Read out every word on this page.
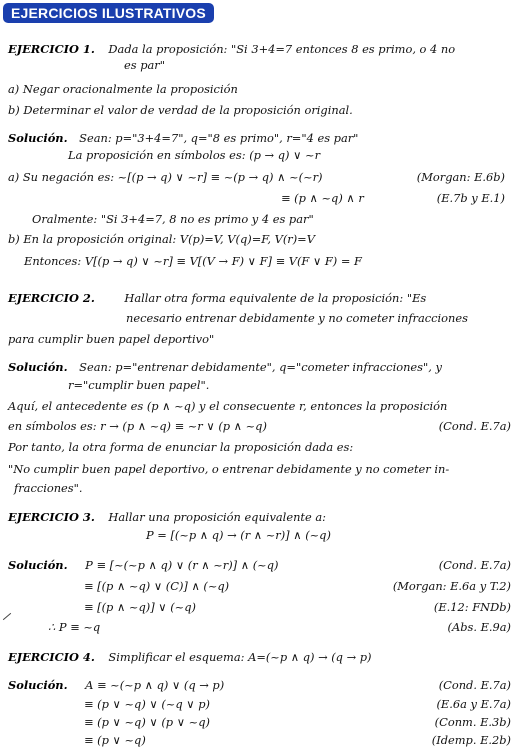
EJERCICIOS ILUSTRATIVOS
EJERCICIO 1. Dada la proposición: "Si 3+4=7 entonces 8 es primo, o 4 no
es par"
a) Negar oracionalmente la proposición
b) Determinar el valor de verdad de la proposición original.
Solución. Sean: p="3+4=7", q="8 es primo", r="4 es par"
La proposición en símbolos es: (p → q) ∨ ~r
a) Su negación es: ~[(p → q) ∨ ~r] ≡ ~(p → q) ∧ ~(~r)	(Morgan: E.6b)
≡ (p ∧ ~q) ∧ r	(E.7b y E.1)
Oralmente: "Si 3+4=7, 8 no es primo y 4 es par"
b) En la proposición original: V(p)=V, V(q)=F, V(r)=V
Entonces: V[(p → q) ∨ ~r] ≡ V[(V → F) ∨ F] ≡ V(F ∨ F) = F
EJERCICIO 2.	Hallar otra forma equivalente de la proposición: "Es
necesario entrenar debidamente y no cometer infracciones
para cumplir buen papel deportivo"
Solución. Sean: p="entrenar debidamente", q="cometer infracciones", y
r="cumplir buen papel".
Aquí, el antecedente es (p ∧ ~q) y el consecuente r, entonces la proposición
en símbolos es: r → (p ∧ ~q) ≡ ~r ∨ (p ∧ ~q)	(Cond. E.7a)
Por tanto, la otra forma de enunciar la proposición dada es:
"No cumplir buen papel deportivo, o entrenar debidamente y no cometer in-
fracciones".
EJERCICIO 3. Hallar una proposición equivalente a:
P = [(~p ∧ q) → (r ∧ ~r)] ∧ (~q)
Solución. P ≡ [~(~p ∧ q) ∨ (r ∧ ~r)] ∧ (~q)	(Cond. E.7a)
≡ [(p ∧ ~q) ∨ (C)] ∧ (~q)	(Morgan: E.6a y T.2)
≡ [(p ∧ ~q)] ∨ (~q)	(E.12: FNDb)
∴ P ≡ ~q	(Abs. E.9a)
EJERCICIO 4. Simplificar el esquema: A=(~p ∧ q) → (q → p)
Solución. A ≡ ~(~p ∧ q) ∨ (q → p)	(Cond. E.7a)
≡ (p ∨ ~q) ∨ (~q ∨ p)	(E.6a y E.7a)
≡ (p ∨ ~q) ∨ (p ∨ ~q)	(Conm. E.3b)
≡ (p ∨ ~q)	(Idemp. E.2b)
